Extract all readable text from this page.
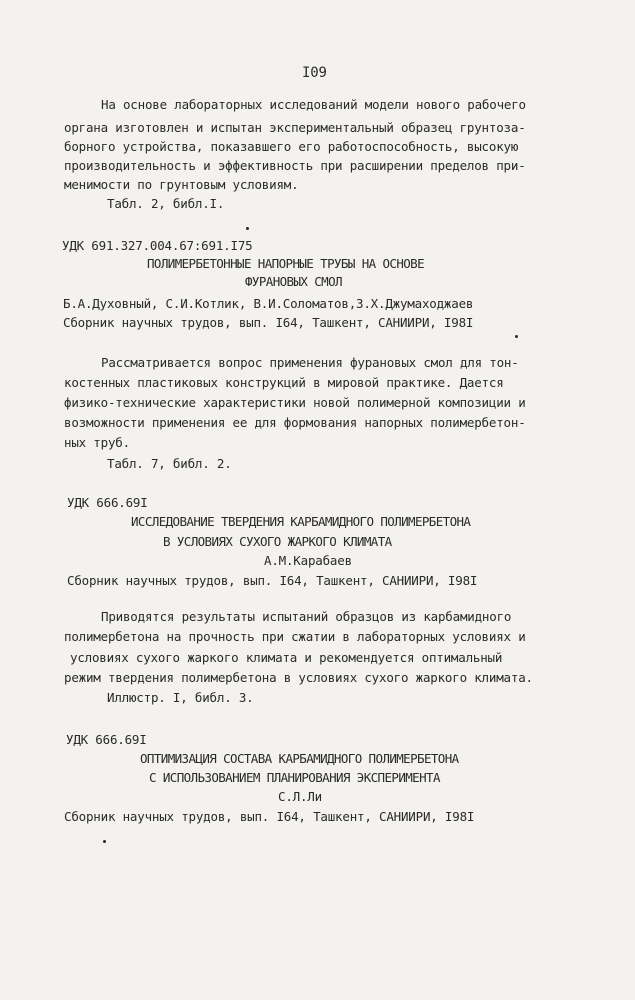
I09
На основе лабораторных исследований модели нового рабочего
органа изготовлен и испытан экспериментальный образец грунтоза-
борного устройства, показавшего его работоспособность, высокую
производительность и эффективность при расширении пределов при-
менимости по грунтовым условиям.
Табл. 2, библ.I.
УДК 691.327.004.67:691.I75
ПОЛИМЕРБЕТОННЫЕ НАПОРНЫЕ ТРУБЫ НА ОСНОВЕ
ФУРАНОВЫХ СМОЛ
Б.А.Духовный, С.И.Котлик, В.И.Соломатов,З.Х.Джумаходжаев
Сборник научных трудов, вып. I64, Ташкент, САНИИРИ, I98I
Рассматривается вопрос применения фурановых смол для тон-
костенных пластиковых конструкций в мировой практике. Дается
физико-технические характеристики новой полимерной композиции и
возможности применения ее для формования напорных полимербетон-
ных труб.
Табл. 7, библ. 2.
УДК 666.69I
ИССЛЕДОВАНИЕ ТВЕРДЕНИЯ КАРБАМИДНОГО ПОЛИМЕРБЕТОНА
В УСЛОВИЯХ СУХОГО ЖАРКОГО КЛИМАТА
А.М.Карабаев
Сборник научных трудов, вып. I64, Ташкент, САНИИРИ, I98I
Приводятся результаты испытаний образцов из карбамидного
полимербетона на прочность при сжатии в лабораторных условиях и
условиях сухого жаркого климата и рекомендуется оптимальный
режим твердения полимербетона в условиях сухого жаркого климата.
Иллюстр. I, библ. 3.
УДК 666.69I
ОПТИМИЗАЦИЯ СОСТАВА КАРБАМИДНОГО ПОЛИМЕРБЕТОНА
С ИСПОЛЬЗОВАНИЕМ ПЛАНИРОВАНИЯ ЭКСПЕРИМЕНТА
С.Л.Ли
Сборник научных трудов, вып. I64, Ташкент, САНИИРИ, I98I
